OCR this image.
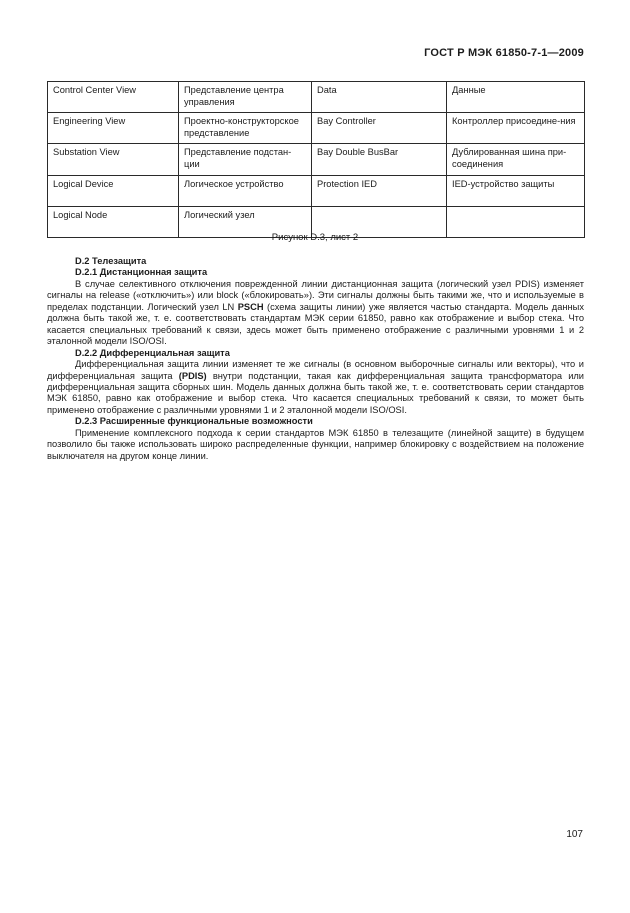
ГОСТ Р МЭК 61850-7-1—2009
Control Center View	Представление центра управления	Data	Данные
Engineering View	Проектно-конструкторское представление	Bay Controller	Контроллер присоедине-ния
Substation View	Представление подстан-ции	Bay Double BusBar	Дублированная шина при-соединения
Logical Device	Логическое устройство	Protection IED	IED-устройство защиты
Logical Node	Логический узел		
Рисунок D.3, лист 2
D.2 Телезащита
D.2.1 Дистанционная защита

В случае селективного отключения поврежденной линии дистанционная защита (логический узел PDIS) изменяет сигналы на release («отключить») или block («блокировать»). Эти сигналы должны быть такими же, что и используемые в пределах подстанции. Логический узел LN PSCH (схема защиты линии) уже является частью стандарта. Модель данных должна быть такой же, т. е. соответствовать стандартам МЭК серии 61850, равно как отображение и выбор стека. Что касается специальных требований к связи, здесь может быть применено отображение с различными уровнями 1 и 2 эталонной модели ISO/OSI.

D.2.2 Дифференциальная защита

Дифференциальная защита линии изменяет те же сигналы (в основном выборочные сигналы или векторы), что и дифференциальная защита (PDIS) внутри подстанции, такая как дифференциальная защита трансформатора или дифференциальная защита сборных шин. Модель данных должна быть такой же, т. е. соответствовать серии стандартов МЭК 61850, равно как отображение и выбор стека. Что касается специальных требований к связи, то может быть применено отображение с различными уровнями 1 и 2 эталонной модели ISO/OSI.

D.2.3 Расширенные функциональные возможности

Применение комплексного подхода к серии стандартов МЭК 61850 в телезащите (линейной защите) в будущем позволило бы также использовать широко распределенные функции, например блокировку с воздействием на положение выключателя на другом конце линии.

107
